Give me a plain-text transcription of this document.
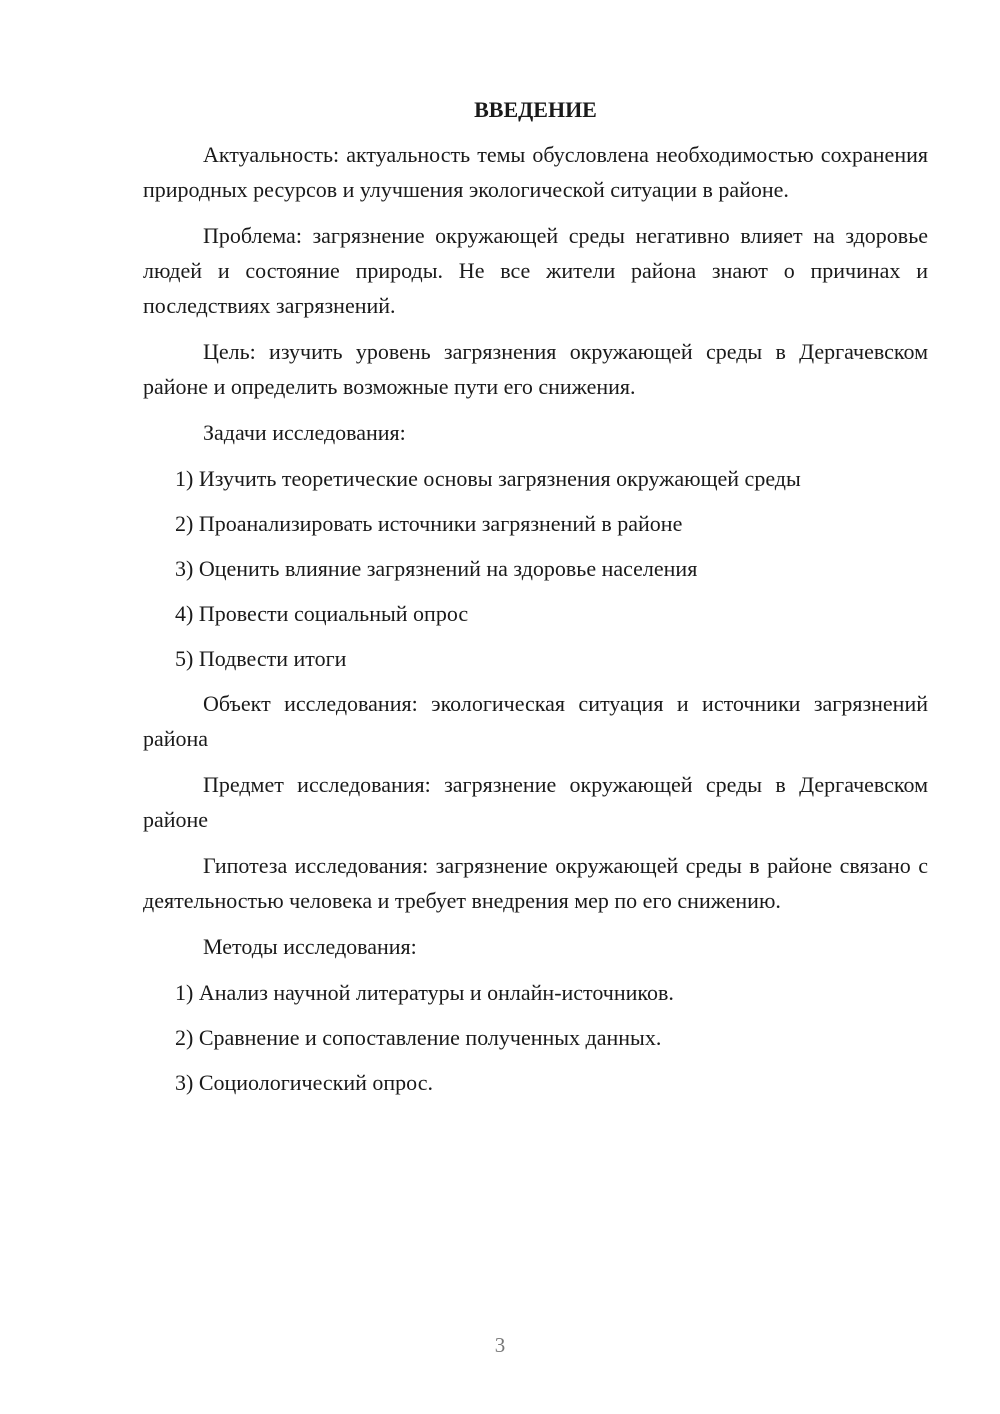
ВВЕДЕНИЕ

Актуальность: актуальность темы обусловлена необходимостью сохранения природных ресурсов и улучшения экологической ситуации в районе.

Проблема: загрязнение окружающей среды негативно влияет на здоровье людей и состояние природы. Не все жители района знают о причинах и последствиях загрязнений.

Цель: изучить уровень загрязнения окружающей среды в Дергачевском районе и определить возможные пути его снижения.

Задачи исследования:

1) Изучить теоретические основы загрязнения окружающей среды
2) Проанализировать источники загрязнений в районе
3) Оценить влияние загрязнений на здоровье населения
4) Провести социальный опрос
5) Подвести итоги

Объект исследования: экологическая ситуация и источники загрязнений района

Предмет исследования: загрязнение окружающей среды в Дергачевском районе

Гипотеза исследования: загрязнение окружающей среды в районе связано с деятельностью человека и требует внедрения мер по его снижению.

Методы исследования:

1) Анализ научной литературы и онлайн-источников.
2) Сравнение и сопоставление полученных данных.
3) Социологический опрос.
3
